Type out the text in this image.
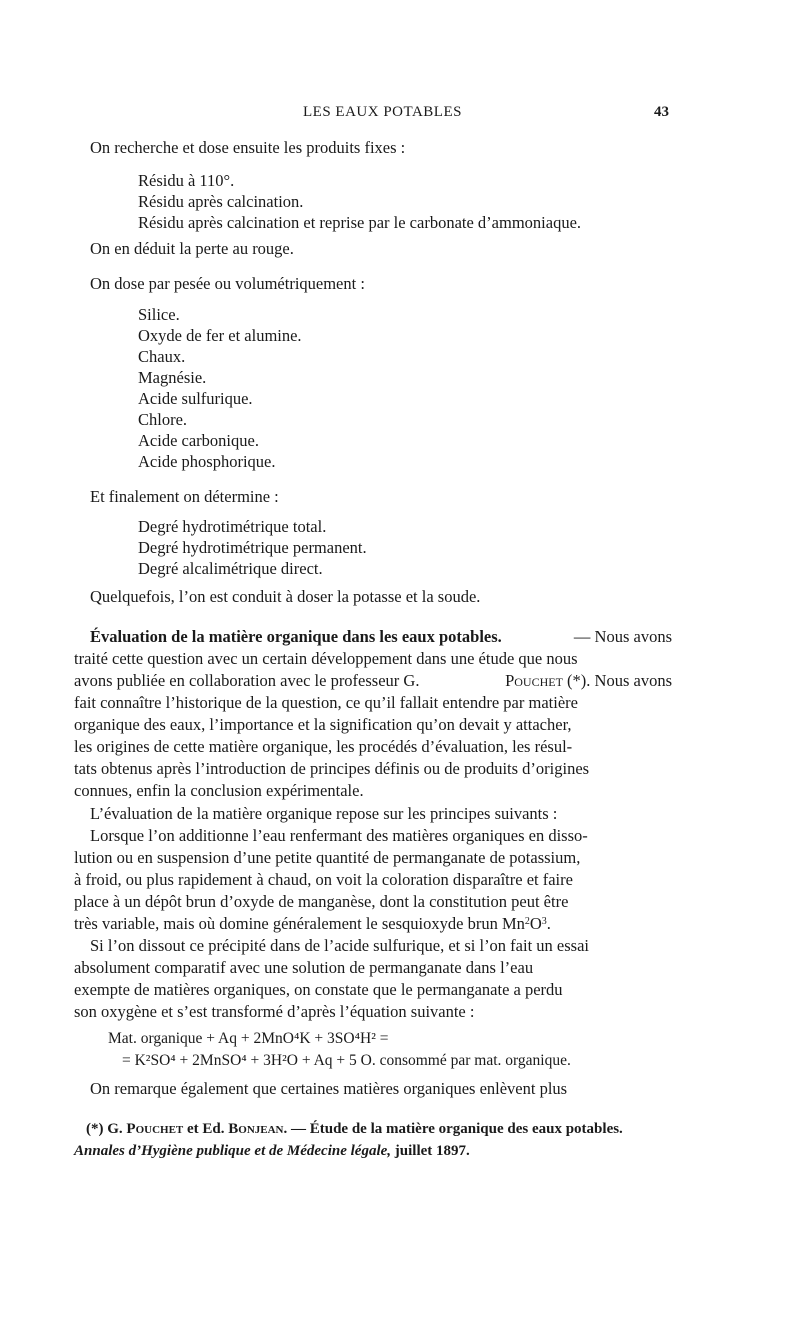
LES EAUX POTABLES	43
On recherche et dose ensuite les produits fixes :
Résidu à 110°.
Résidu après calcination.
Résidu après calcination et reprise par le carbonate d’ammoniaque.
On en déduit la perte au rouge.
On dose par pesée ou volumétriquement :
Silice.
Oxyde de fer et alumine.
Chaux.
Magnésie.
Acide sulfurique.
Chlore.
Acide carbonique.
Acide phosphorique.
Et finalement on détermine :
Degré hydrotimétrique total.
Degré hydrotimétrique permanent.
Degré alcalimétrique direct.
Quelquefois, l’on est conduit à doser la potasse et la soude.
Évaluation de la matière organique dans les eaux potables.	— Nous avons
traité cette question avec un certain développement dans une étude que nous
avons publiée en collaboration avec le professeur G.	Pouchet (*). Nous avons
fait connaître l’historique de la question, ce qu’il fallait entendre par matière
organique des eaux, l’importance et la signification qu’on devait y attacher,
les origines de cette matière organique, les procédés d’évaluation, les résul-
tats obtenus après l’introduction de principes définis ou de produits d’origines
connues, enfin la conclusion expérimentale.
L’évaluation de la matière organique repose sur les principes suivants :
Lorsque l’on additionne l’eau renfermant des matières organiques en disso-
lution ou en suspension d’une petite quantité de permanganate de potassium,
à froid, ou plus rapidement à chaud, on voit la coloration disparaître et faire
place à un dépôt brun d’oxyde de manganèse, dont la constitution peut être
très variable, mais où domine généralement le sesquioxyde brun $Mn^2O^3$.
Si l’on dissout ce précipité dans de l’acide sulfurique, et si l’on fait un essai
absolument comparatif avec une solution de permanganate dans l’eau
exempte de matières organiques, on constate que le permanganate a perdu
son oxygène et s’est transformé d’après l’équation suivante :
Mat. organique + Aq + 2MnO⁴K + 3SO⁴H² =
= K²SO⁴ + 2MnSO⁴ + 3H²O + Aq + 5 O. consommé par mat. organique.
On remarque également que certaines matières organiques enlèvent plus
(*) G. Pouchet et Ed. Bonjean. — Étude de la matière organique des eaux potables.
Annales d’Hygiène publique et de Médecine légale, juillet 1897.
